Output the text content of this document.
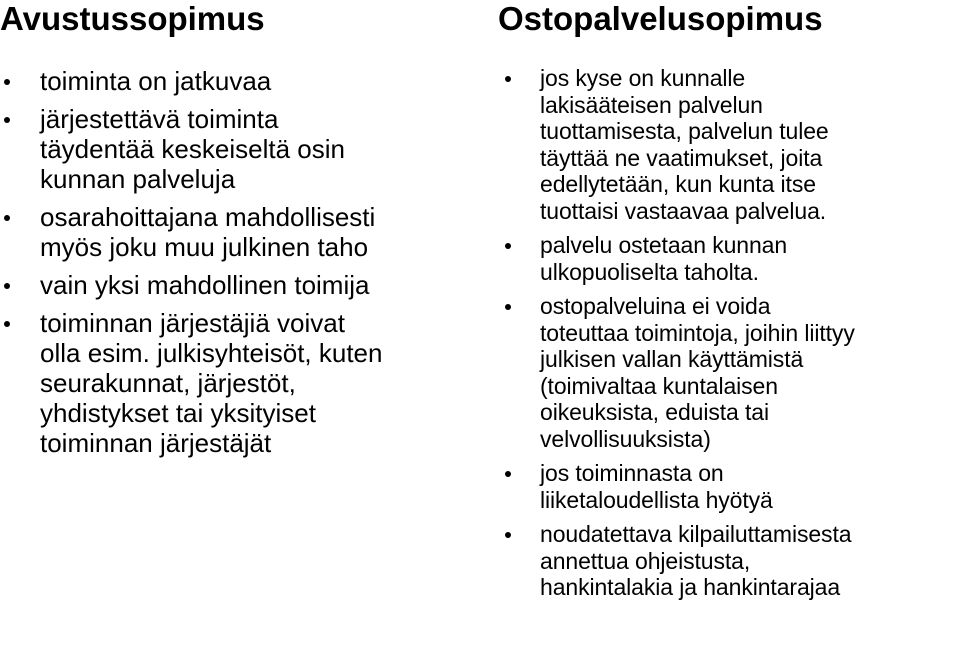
Avustussopimus
toiminta on jatkuvaa
järjestettävä toiminta
täydentää keskeiseltä osin
kunnan palveluja
osarahoittajana mahdollisesti
myös joku muu julkinen taho
vain yksi mahdollinen toimija
toiminnan järjestäjiä voivat
olla esim. julkisyhteisöt, kuten
seurakunnat, järjestöt,
yhdistykset tai yksityiset
toiminnan järjestäjät
Ostopalvelusopimus
jos kyse on kunnalle
lakisääteisen palvelun
tuottamisesta, palvelun tulee
täyttää ne vaatimukset, joita
edellytetään, kun kunta itse
tuottaisi vastaavaa palvelua.
palvelu ostetaan kunnan
ulkopuoliselta taholta.
ostopalveluina ei voida
toteuttaa toimintoja, joihin liittyy
julkisen vallan käyttämistä
(toimivaltaa kuntalaisen
oikeuksista, eduista tai
velvollisuuksista)
jos toiminnasta on
liiketaloudellista hyötyä
noudatettava kilpailuttamisesta
annettua ohjeistusta,
hankintalakia ja hankintarajaa
